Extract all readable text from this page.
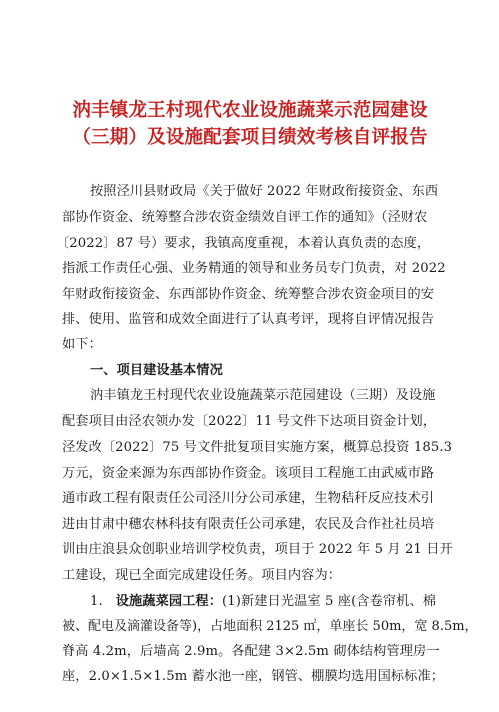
汭丰镇龙王村现代农业设施蔬菜示范园建设

（三期）及设施配套项目绩效考核自评报告

按照泾川县财政局《关于做好 2022 年财政衔接资金、东西

部协作资金、统筹整合涉农资金绩效自评工作的通知》（泾财农

〔2022〕87 号）要求，我镇高度重视，本着认真负责的态度，

指派工作责任心强、业务精通的领导和业务员专门负责，对 2022

年财政衔接资金、东西部协作资金、统筹整合涉农资金项目的安

排、使用、监管和成效全面进行了认真考评，现将自评情况报告

如下：

一、项目建设基本情况

汭丰镇龙王村现代农业设施蔬菜示范园建设（三期）及设施

配套项目由泾农领办发〔2022〕11 号文件下达项目资金计划，

泾发改〔2022〕75 号文件批复项目实施方案，概算总投资 185.3

万元，资金来源为东西部协作资金。该项目工程施工由武威市路

通市政工程有限责任公司泾川分公司承建，生物秸秆反应技术引

进由甘肃中穗农林科技有限责任公司承建，农民及合作社社员培

训由庄浪县众创职业培训学校负责，项目于 2022 年 5 月 21 日开

工建设，现已全面完成建设任务。项目内容为：

1. 设施蔬菜园工程：(1)新建日光温室 5 座(含卷帘机、棉

被、配电及滴灌设备等)，占地面积 2125 ㎡，单座长 50m，宽 8.5m，

脊高 4.2m，后墙高 2.9m。各配建 3×2.5m 砌体结构管理房一

座，2.0×1.5×1.5m 蓄水池一座，钢管、棚膜均选用国标标准；
